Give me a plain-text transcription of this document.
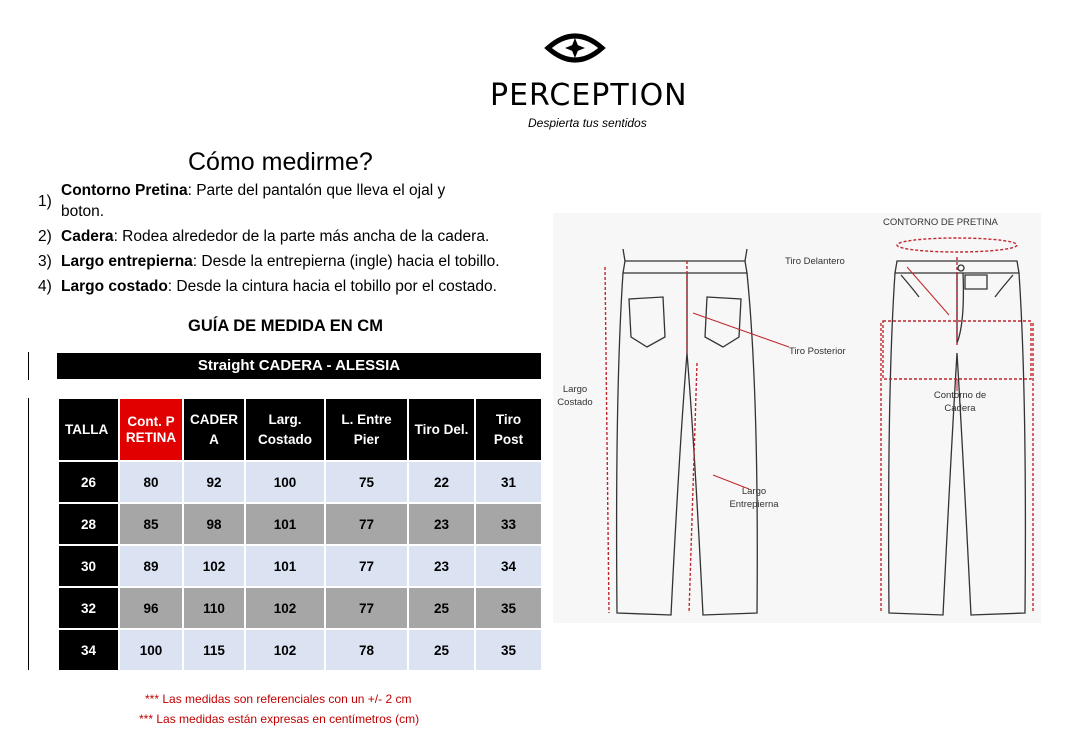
PERCEPTION
Despierta tus sentidos
Cómo medirme?
1)
Contorno Pretina: Parte del pantalón que lleva el ojal y boton.
2) Cadera: Rodea alrededor de la parte más ancha de la cadera.
3) Largo entrepierna: Desde la entrepierna (ingle) hacia el tobillo.
4) Largo costado: Desde la cintura hacia el tobillo por el costado.
GUÍA DE MEDIDA EN CM
Straight CADERA - ALESSIA
TALLA	Cont. PRETINA	CADERA	Larg. Costado	L. Entre Pier	Tiro Del.	Tiro Post

26	80	92	100	75	22	31
28	85	98	101	77	23	33
30	89	102	101	77	23	34
32	96	110	102	77	25	35
34	100	115	102	78	25	35
*** Las medidas son referenciales con un +/- 2 cm
*** Las medidas están expresas en centímetros (cm)
CONTORNO DE PRETINA
Tiro Delantero
Tiro Posterior
Largo Costado
Contorno de Cadera
Largo Entrepierna
